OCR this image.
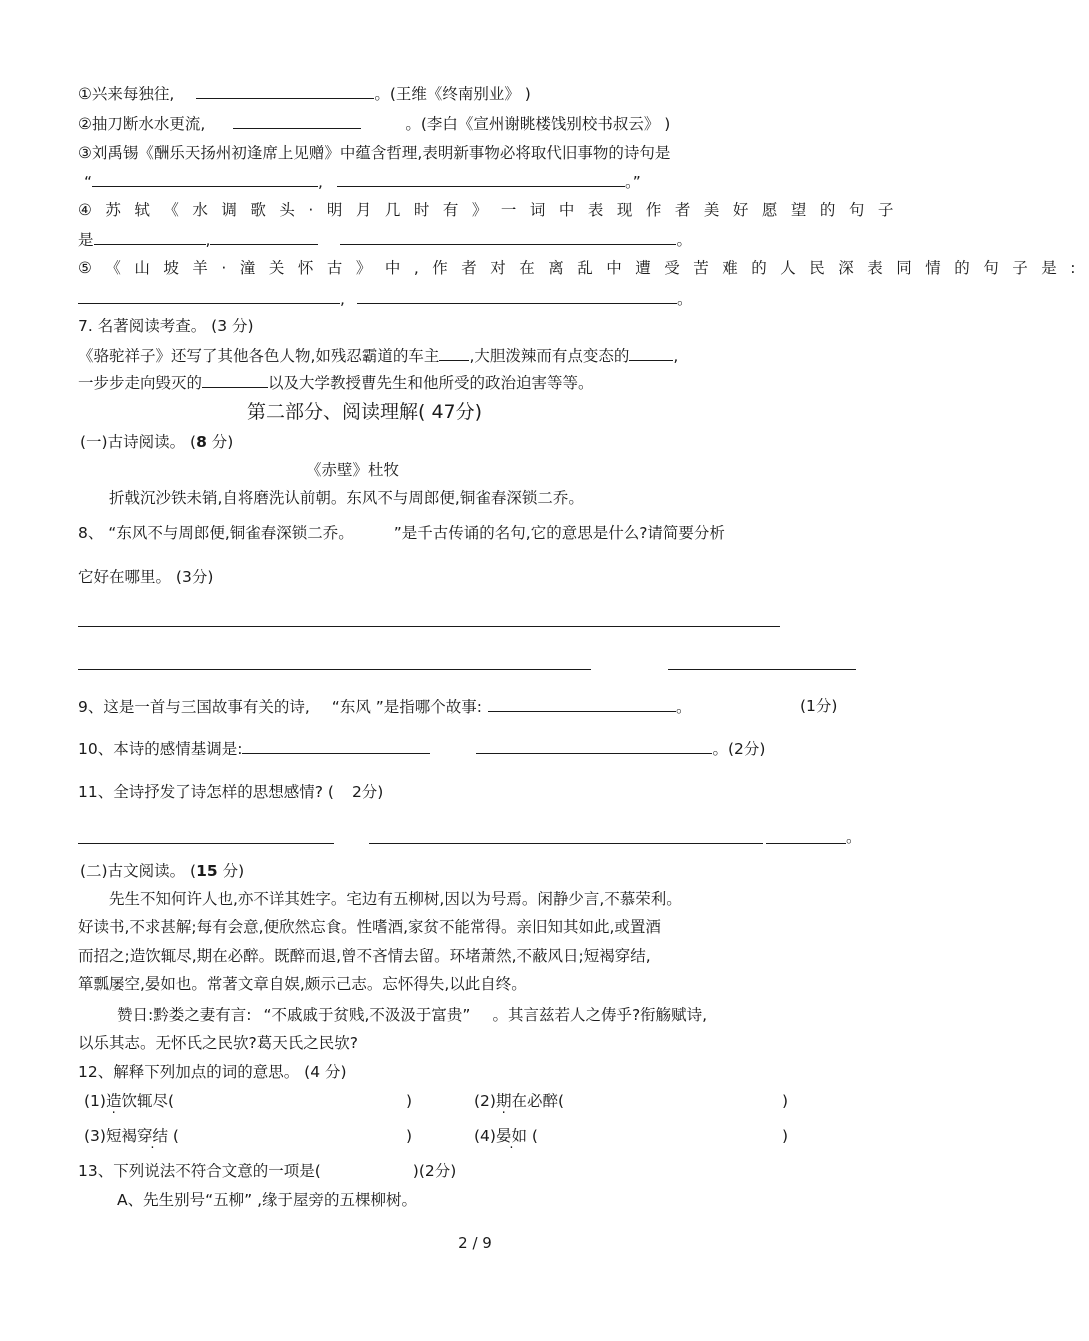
①兴来每独往,	。(王维《终南别业》 )
②抽刀断水水更流,	。(李白《宣州谢眺楼饯别校书叔云》 )
③刘禹锡《酬乐天扬州初逢席上见赠》中蕴含哲理,表明新事物必将取代旧事物的诗句是
“	,	。”
④苏轼《水调歌头·明月几时有》一词中表现作者美好愿望的句子
是	,	。
⑤《山坡羊·潼关怀古》中,作者对在离乱中遭受苦难的人民深表同情的句子是:
,	。
7. 名著阅读考查。 (3 分)
《骆驼祥子》还写了其他各色人物,如残忍霸道的车主 ,大胆泼辣而有点变态的	,
一步步走向毁灭的	以及大学教授曹先生和他所受的政治迫害等等。
第二部分、阅读理解( 47分)
(一)古诗阅读。 (8 分)
《赤壁》杜牧
折戟沉沙铁未销,自将磨洗认前朝。东风不与周郎便,铜雀春深锁二乔。
8、 “东风不与周郎便,铜雀春深锁二乔。	”是千古传诵的名句,它的意思是什么?请简要分析
它好在哪里。 (3分)
9、这是一首与三国故事有关的诗, “东风 ”是指哪个故事:	。	(1分)
10、本诗的感情基调是:	。(2分)
11、全诗抒发了诗怎样的思想感情? ( 2分)
。
(二)古文阅读。 (15 分)
先生不知何许人也,亦不详其姓字。宅边有五柳树,因以为号焉。闲静少言,不慕荣利。
好读书,不求甚解;每有会意,便欣然忘食。性嗜酒,家贫不能常得。亲旧知其如此,或置酒
而招之;造饮辄尽,期在必醉。既醉而退,曾不吝情去留。环堵萧然,不蔽风日;短褐穿结,
箪瓢屡空,晏如也。常著文章自娱,颇示己志。忘怀得失,以此自终。
赞日:黔娄之妻有言: “不戚戚于贫贱,不汲汲于富贵” 。其言兹若人之俦乎?衔觞赋诗,
以乐其志。无怀氏之民欤?葛天氏之民欤?
12、解释下列加点的词的意思。 (4 分)
(1)造饮辄尽(	)	(2)期在必醉(	)
(3)短褐穿结 (	)	(4)晏如 (	)
13、下列说法不符合文意的一项是(	)(2分)
A、先生别号“五柳” ,缘于屋旁的五棵柳树。
2 / 9
